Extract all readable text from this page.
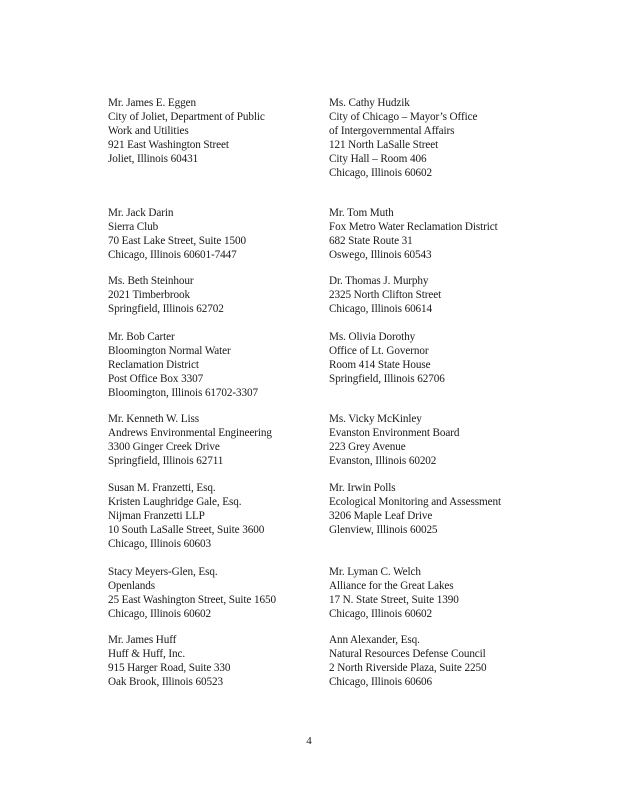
Mr. James E. Eggen
City of Joliet, Department of Public
Work and Utilities
921 East Washington Street
Joliet, Illinois 60431
Ms. Cathy Hudzik
City of Chicago – Mayor’s Office
of Intergovernmental Affairs
121 North LaSalle Street
City Hall – Room 406
Chicago, Illinois 60602
Mr. Jack Darin
Sierra Club
70 East Lake Street, Suite 1500
Chicago, Illinois 60601-7447
Mr. Tom Muth
Fox Metro Water Reclamation District
682 State Route 31
Oswego, Illinois 60543
Ms. Beth Steinhour
2021 Timberbrook
Springfield, Illinois 62702
Dr. Thomas J. Murphy
2325 North Clifton Street
Chicago, Illinois 60614
Mr. Bob Carter
Bloomington Normal Water
Reclamation District
Post Office Box 3307
Bloomington, Illinois 61702-3307
Ms. Olivia Dorothy
Office of Lt. Governor
Room 414 State House
Springfield, Illinois 62706
Mr. Kenneth W. Liss
Andrews Environmental Engineering
3300 Ginger Creek Drive
Springfield, Illinois 62711
Ms. Vicky McKinley
Evanston Environment Board
223 Grey Avenue
Evanston, Illinois 60202
Susan M. Franzetti, Esq.
Kristen Laughridge Gale, Esq.
Nijman Franzetti LLP
10 South LaSalle Street, Suite 3600
Chicago, Illinois 60603
Mr. Irwin Polls
Ecological Monitoring and Assessment
3206 Maple Leaf Drive
Glenview, Illinois 60025
Stacy Meyers-Glen, Esq.
Openlands
25 East Washington Street, Suite 1650
Chicago, Illinois 60602
Mr. Lyman C. Welch
Alliance for the Great Lakes
17 N. State Street, Suite 1390
Chicago, Illinois 60602
Mr. James Huff
Huff & Huff, Inc.
915 Harger Road, Suite 330
Oak Brook, Illinois 60523
Ann Alexander, Esq.
Natural Resources Defense Council
2 North Riverside Plaza, Suite 2250
Chicago, Illinois 60606
4
